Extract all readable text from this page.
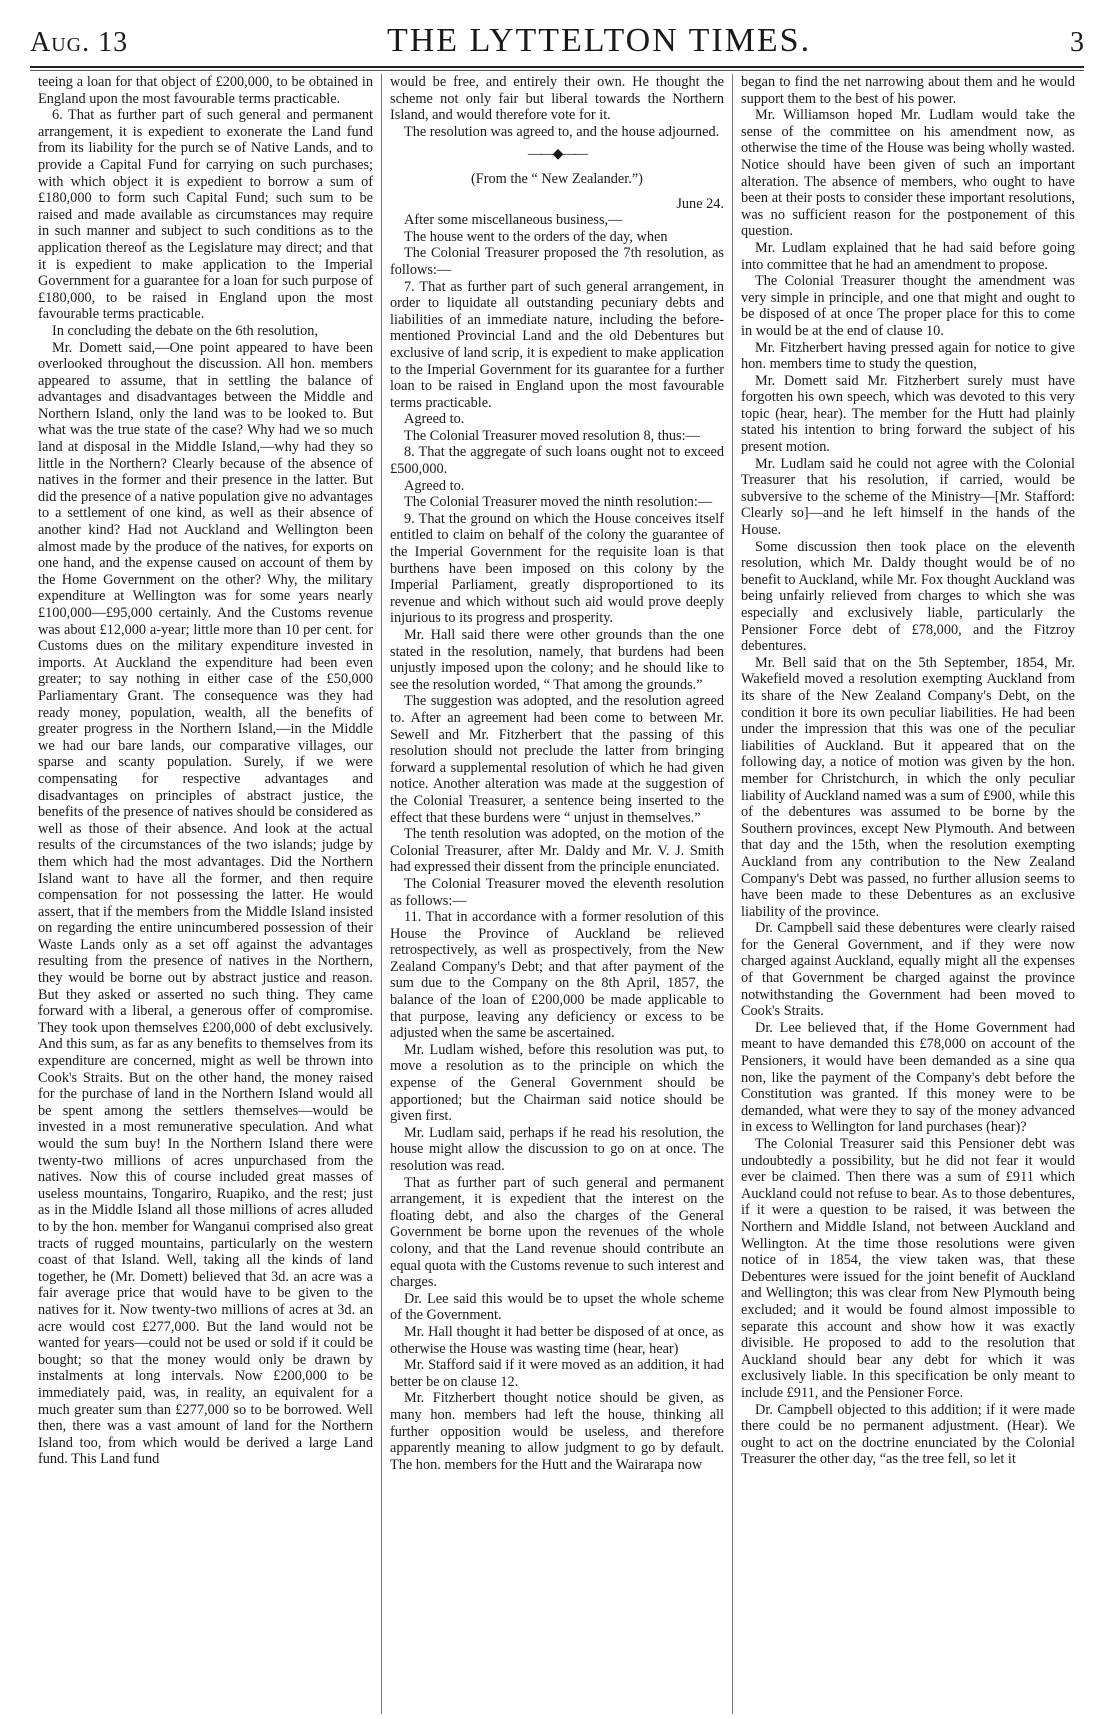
Aug. 13	THE LYTTELTON TIMES.	3

teeing a loan for that object of £200,000, to be obtained in England upon the most favourable terms practicable.

6. That as further part of such general and permanent arrangement, it is expedient to exonerate the Land fund from its liability for the purch se of Native Lands, and to provide a Capital Fund for carrying on such purchases; with which object it is expedient to borrow a sum of £180,000 to form such Capital Fund; such sum to be raised and made available as circumstances may require in such manner and subject to such conditions as to the application thereof as the Legislature may direct; and that it is expedient to make application to the Imperial Government for a guarantee for a loan for such purpose of £180,000, to be raised in England upon the most favourable terms practicable.

In concluding the debate on the 6th resolution,

Mr. Domett said,—One point appeared to have been overlooked throughout the discussion. All hon. members appeared to assume, that in settling the balance of advantages and disadvantages between the Middle and Northern Island, only the land was to be looked to. But what was the true state of the case? Why had we so much land at disposal in the Middle Island,—why had they so little in the Northern? Clearly because of the absence of natives in the former and their presence in the latter. But did the presence of a native population give no advantages to a settlement of one kind, as well as their absence of another kind? Had not Auckland and Wellington been almost made by the produce of the natives, for exports on one hand, and the expense caused on account of them by the Home Government on the other? Why, the military expenditure at Wellington was for some years nearly £100,000—£95,000 certainly. And the Customs revenue was about £12,000 a-year; little more than 10 per cent. for Customs dues on the military expenditure invested in imports. At Auckland the expenditure had been even greater; to say nothing in either case of the £50,000 Parliamentary Grant. The consequence was they had ready money, population, wealth, all the benefits of greater progress in the Northern Island,—in the Middle we had our bare lands, our comparative villages, our sparse and scanty population. Surely, if we were compensating for respective advantages and disadvantages on principles of abstract justice, the benefits of the presence of natives should be considered as well as those of their absence. And look at the actual results of the circumstances of the two islands; judge by them which had the most advantages. Did the Northern Island want to have all the former, and then require compensation for not possessing the latter. He would assert, that if the members from the Middle Island insisted on regarding the entire unincumbered possession of their Waste Lands only as a set off against the advantages resulting from the presence of natives in the Northern, they would be borne out by abstract justice and reason. But they asked or asserted no such thing. They came forward with a liberal, a generous offer of compromise. They took upon themselves £200,000 of debt exclusively. And this sum, as far as any benefits to themselves from its expenditure are concerned, might as well be thrown into Cook's Straits. But on the other hand, the money raised for the purchase of land in the Northern Island would all be spent among the settlers themselves—would be invested in a most remunerative speculation. And what would the sum buy! In the Northern Island there were twenty-two millions of acres unpurchased from the natives. Now this of course included great masses of useless mountains, Tongariro, Ruapiko, and the rest; just as in the Middle Island all those millions of acres alluded to by the hon. member for Wanganui comprised also great tracts of rugged mountains, particularly on the western coast of that Island. Well, taking all the kinds of land together, he (Mr. Domett) believed that 3d. an acre was a fair average price that would have to be given to the natives for it. Now twenty-two millions of acres at 3d. an acre would cost £277,000. But the land would not be wanted for years—could not be used or sold if it could be bought; so that the money would only be drawn by instalments at long intervals. Now £200,000 to be immediately paid, was, in reality, an equivalent for a much greater sum than £277,000 so to be borrowed. Well then, there was a vast amount of land for the Northern Island too, from which would be derived a large Land fund. This Land fund

would be free, and entirely their own. He thought the scheme not only fair but liberal towards the Northern Island, and would therefore vote for it.

The resolution was agreed to, and the house adjourned.

——◆——

(From the “ New Zealander.”)

June 24.

After some miscellaneous business,—

The house went to the orders of the day, when

The Colonial Treasurer proposed the 7th resolution, as follows:—

7. That as further part of such general arrangement, in order to liquidate all outstanding pecuniary debts and liabilities of an immediate nature, including the before-mentioned Provincial Land and the old Debentures but exclusive of land scrip, it is expedient to make application to the Imperial Government for its guarantee for a further loan to be raised in England upon the most favourable terms practicable.

Agreed to.

The Colonial Treasurer moved resolution 8, thus:—

8. That the aggregate of such loans ought not to exceed £500,000.

Agreed to.

The Colonial Treasurer moved the ninth resolution:—

9. That the ground on which the House conceives itself entitled to claim on behalf of the colony the guarantee of the Imperial Government for the requisite loan is that burthens have been imposed on this colony by the Imperial Parliament, greatly disproportioned to its revenue and which without such aid would prove deeply injurious to its progress and prosperity.

Mr. Hall said there were other grounds than the one stated in the resolution, namely, that burdens had been unjustly imposed upon the colony; and he should like to see the resolution worded, “ That among the grounds.”

The suggestion was adopted, and the resolution agreed to. After an agreement had been come to between Mr. Sewell and Mr. Fitzherbert that the passing of this resolution should not preclude the latter from bringing forward a supplemental resolution of which he had given notice. Another alteration was made at the suggestion of the Colonial Treasurer, a sentence being inserted to the effect that these burdens were “ unjust in themselves.”

The tenth resolution was adopted, on the motion of the Colonial Treasurer, after Mr. Daldy and Mr. V. J. Smith had expressed their dissent from the principle enunciated.

The Colonial Treasurer moved the eleventh resolution as follows:—

11. That in accordance with a former resolution of this House the Province of Auckland be relieved retrospectively, as well as prospectively, from the New Zealand Company's Debt; and that after payment of the sum due to the Company on the 8th April, 1857, the balance of the loan of £200,000 be made applicable to that purpose, leaving any deficiency or excess to be adjusted when the same be ascertained.

Mr. Ludlam wished, before this resolution was put, to move a resolution as to the principle on which the expense of the General Government should be apportioned; but the Chairman said notice should be given first.

Mr. Ludlam said, perhaps if he read his resolution, the house might allow the discussion to go on at once. The resolution was read.

That as further part of such general and permanent arrangement, it is expedient that the interest on the floating debt, and also the charges of the General Government be borne upon the revenues of the whole colony, and that the Land revenue should contribute an equal quota with the Customs revenue to such interest and charges.

Dr. Lee said this would be to upset the whole scheme of the Government.

Mr. Hall thought it had better be disposed of at once, as otherwise the House was wasting time (hear, hear)

Mr. Stafford said if it were moved as an addition, it had better be on clause 12.

Mr. Fitzherbert thought notice should be given, as many hon. members had left the house, thinking all further opposition would be useless, and therefore apparently meaning to allow judgment to go by default. The hon. members for the Hutt and the Wairarapa now

began to find the net narrowing about them and he would support them to the best of his power.

Mr. Williamson hoped Mr. Ludlam would take the sense of the committee on his amendment now, as otherwise the time of the House was being wholly wasted. Notice should have been given of such an important alteration. The absence of members, who ought to have been at their posts to consider these important resolutions, was no sufficient reason for the postponement of this question.

Mr. Ludlam explained that he had said before going into committee that he had an amendment to propose.

The Colonial Treasurer thought the amendment was very simple in principle, and one that might and ought to be disposed of at once The proper place for this to come in would be at the end of clause 10.

Mr. Fitzherbert having pressed again for notice to give hon. members time to study the question,

Mr. Domett said Mr. Fitzherbert surely must have forgotten his own speech, which was devoted to this very topic (hear, hear). The member for the Hutt had plainly stated his intention to bring forward the subject of his present motion.

Mr. Ludlam said he could not agree with the Colonial Treasurer that his resolution, if carried, would be subversive to the scheme of the Ministry—[Mr. Stafford: Clearly so]—and he left himself in the hands of the House.

Some discussion then took place on the eleventh resolution, which Mr. Daldy thought would be of no benefit to Auckland, while Mr. Fox thought Auckland was being unfairly relieved from charges to which she was especially and exclusively liable, particularly the Pensioner Force debt of £78,000, and the Fitzroy debentures.

Mr. Bell said that on the 5th September, 1854, Mr. Wakefield moved a resolution exempting Auckland from its share of the New Zealand Company's Debt, on the condition it bore its own peculiar liabilities. He had been under the impression that this was one of the peculiar liabilities of Auckland. But it appeared that on the following day, a notice of motion was given by the hon. member for Christchurch, in which the only peculiar liability of Auckland named was a sum of £900, while this of the debentures was assumed to be borne by the Southern provinces, except New Plymouth. And between that day and the 15th, when the resolution exempting Auckland from any contribution to the New Zealand Company's Debt was passed, no further allusion seems to have been made to these Debentures as an exclusive liability of the province.

Dr. Campbell said these debentures were clearly raised for the General Government, and if they were now charged against Auckland, equally might all the expenses of that Government be charged against the province notwithstanding the Government had been moved to Cook's Straits.

Dr. Lee believed that, if the Home Government had meant to have demanded this £78,000 on account of the Pensioners, it would have been demanded as a sine qua non, like the payment of the Company's debt before the Constitution was granted. If this money were to be demanded, what were they to say of the money advanced in excess to Wellington for land purchases (hear)?

The Colonial Treasurer said this Pensioner debt was undoubtedly a possibility, but he did not fear it would ever be claimed. Then there was a sum of £911 which Auckland could not refuse to bear. As to those debentures, if it were a question to be raised, it was between the Northern and Middle Island, not between Auckland and Wellington. At the time those resolutions were given notice of in 1854, the view taken was, that these Debentures were issued for the joint benefit of Auckland and Wellington; this was clear from New Plymouth being excluded; and it would be found almost impossible to separate this account and show how it was exactly divisible. He proposed to add to the resolution that Auckland should bear any debt for which it was exclusively liable. In this specification be only meant to include £911, and the Pensioner Force.

Dr. Campbell objected to this addition; if it were made there could be no permanent adjustment. (Hear). We ought to act on the doctrine enunciated by the Colonial Treasurer the other day, “as the tree fell, so let it
